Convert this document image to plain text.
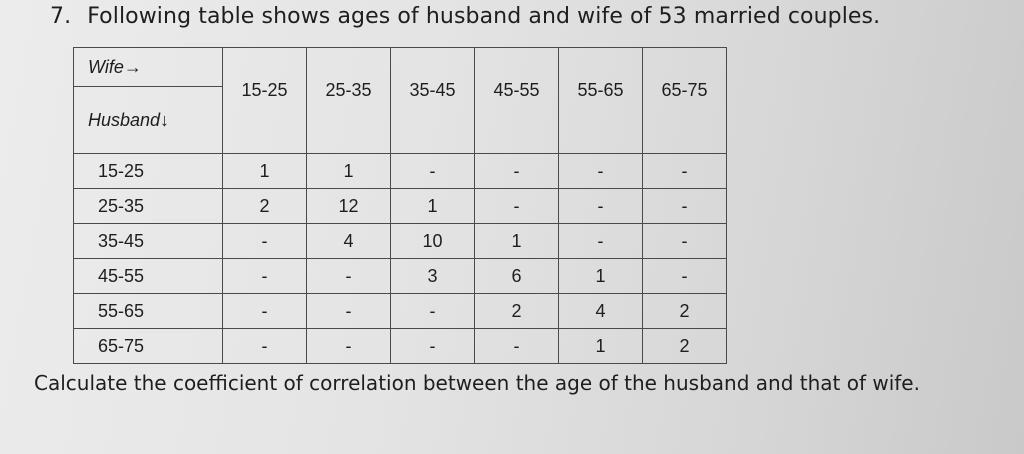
7. Following table shows ages of husband and wife of 53 married couples.
Wife→	15-25	25-35	35-45	45-55	55-65	65-75
Husband↓						
15-25	1	1	-	-	-	-
25-35	2	12	1	-	-	-
35-45	-	4	10	1	-	-
45-55	-	-	3	6	1	-
55-65	-	-	-	2	4	2
65-75	-	-	-	-	1	2
Calculate the coefficient of correlation between the age of the husband and that of wife.
